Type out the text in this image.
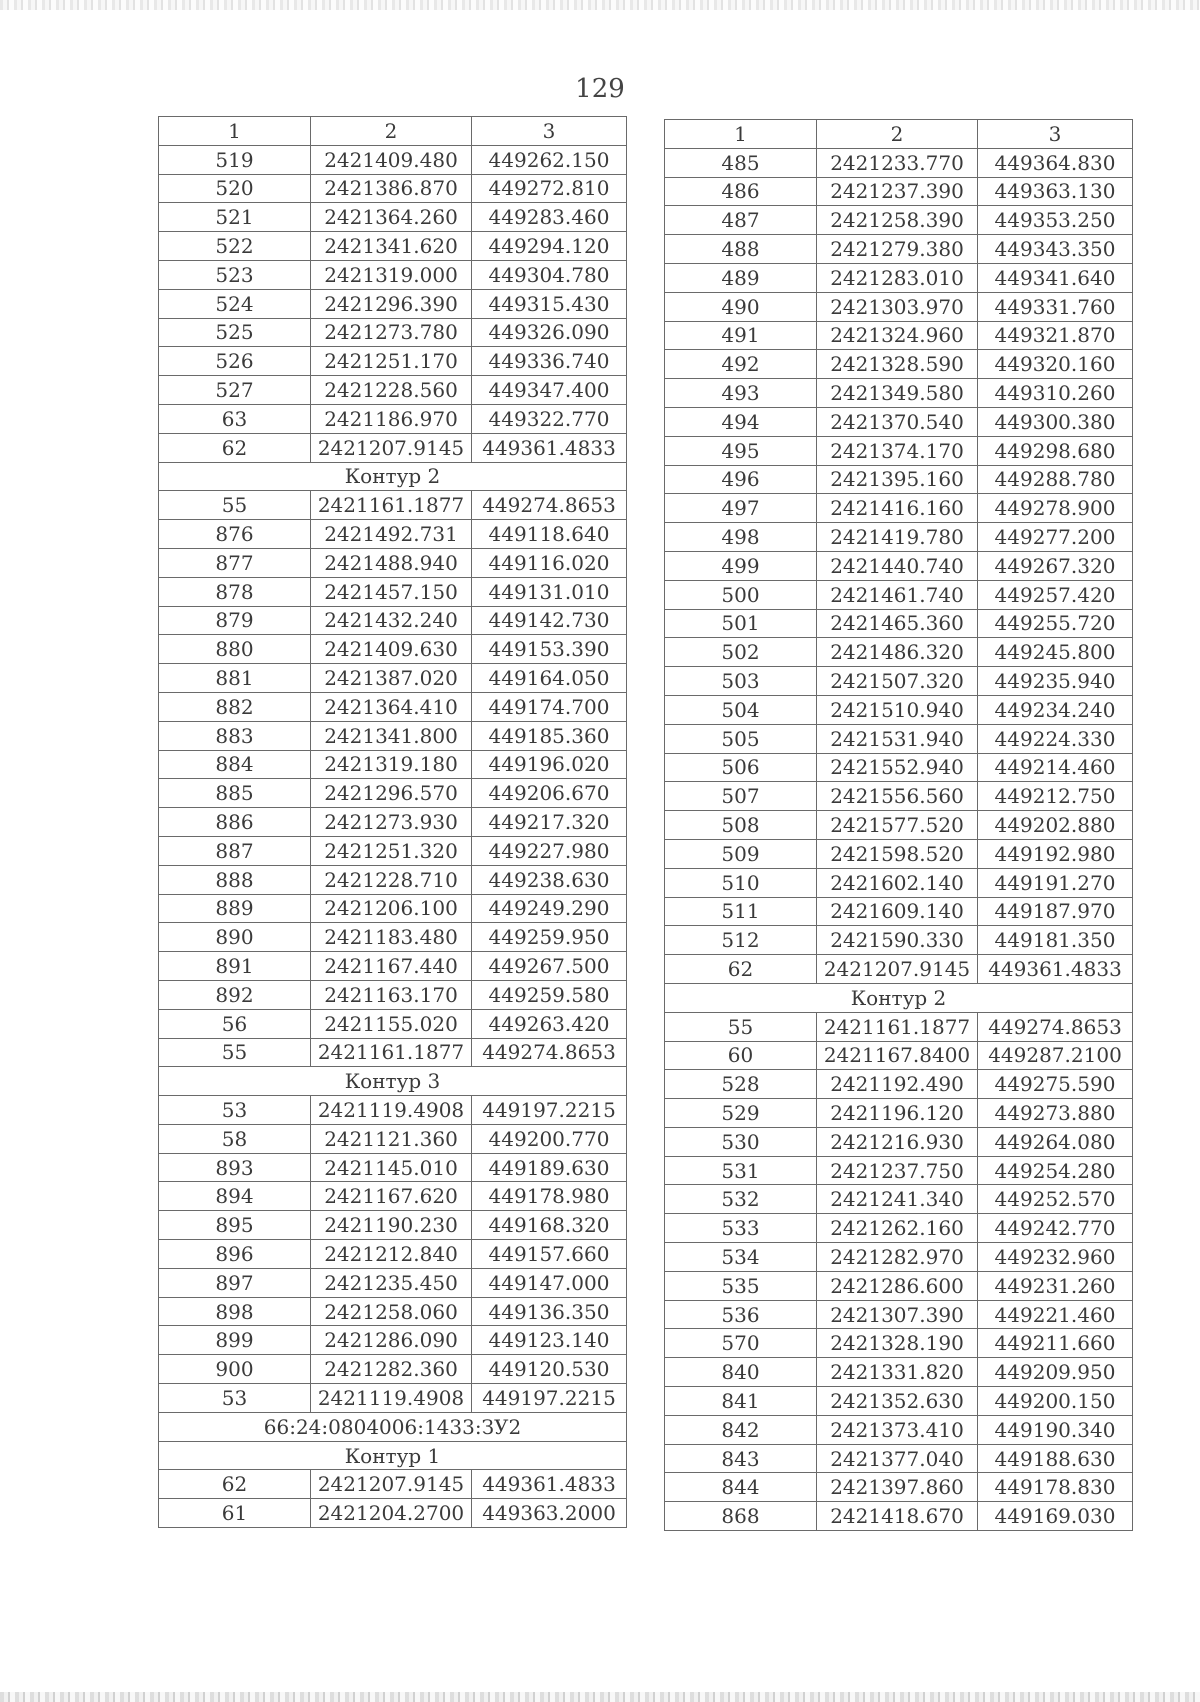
129
1	2	3
519	2421409.480	449262.150
520	2421386.870	449272.810
521	2421364.260	449283.460
522	2421341.620	449294.120
523	2421319.000	449304.780
524	2421296.390	449315.430
525	2421273.780	449326.090
526	2421251.170	449336.740
527	2421228.560	449347.400
63	2421186.970	449322.770
62	2421207.9145	449361.4833
Контур 2		
55	2421161.1877	449274.8653
876	2421492.731	449118.640
877	2421488.940	449116.020
878	2421457.150	449131.010
879	2421432.240	449142.730
880	2421409.630	449153.390
881	2421387.020	449164.050
882	2421364.410	449174.700
883	2421341.800	449185.360
884	2421319.180	449196.020
885	2421296.570	449206.670
886	2421273.930	449217.320
887	2421251.320	449227.980
888	2421228.710	449238.630
889	2421206.100	449249.290
890	2421183.480	449259.950
891	2421167.440	449267.500
892	2421163.170	449259.580
56	2421155.020	449263.420
55	2421161.1877	449274.8653
Контур 3		
53	2421119.4908	449197.2215
58	2421121.360	449200.770
893	2421145.010	449189.630
894	2421167.620	449178.980
895	2421190.230	449168.320
896	2421212.840	449157.660
897	2421235.450	449147.000
898	2421258.060	449136.350
899	2421286.090	449123.140
900	2421282.360	449120.530
53	2421119.4908	449197.2215
66:24:0804006:1433:ЗУ2		
Контур 1		
62	2421207.9145	449361.4833
61	2421204.2700	449363.2000
1	2	3
485	2421233.770	449364.830
486	2421237.390	449363.130
487	2421258.390	449353.250
488	2421279.380	449343.350
489	2421283.010	449341.640
490	2421303.970	449331.760
491	2421324.960	449321.870
492	2421328.590	449320.160
493	2421349.580	449310.260
494	2421370.540	449300.380
495	2421374.170	449298.680
496	2421395.160	449288.780
497	2421416.160	449278.900
498	2421419.780	449277.200
499	2421440.740	449267.320
500	2421461.740	449257.420
501	2421465.360	449255.720
502	2421486.320	449245.800
503	2421507.320	449235.940
504	2421510.940	449234.240
505	2421531.940	449224.330
506	2421552.940	449214.460
507	2421556.560	449212.750
508	2421577.520	449202.880
509	2421598.520	449192.980
510	2421602.140	449191.270
511	2421609.140	449187.970
512	2421590.330	449181.350
62	2421207.9145	449361.4833
Контур 2		
55	2421161.1877	449274.8653
60	2421167.8400	449287.2100
528	2421192.490	449275.590
529	2421196.120	449273.880
530	2421216.930	449264.080
531	2421237.750	449254.280
532	2421241.340	449252.570
533	2421262.160	449242.770
534	2421282.970	449232.960
535	2421286.600	449231.260
536	2421307.390	449221.460
570	2421328.190	449211.660
840	2421331.820	449209.950
841	2421352.630	449200.150
842	2421373.410	449190.340
843	2421377.040	449188.630
844	2421397.860	449178.830
868	2421418.670	449169.030
